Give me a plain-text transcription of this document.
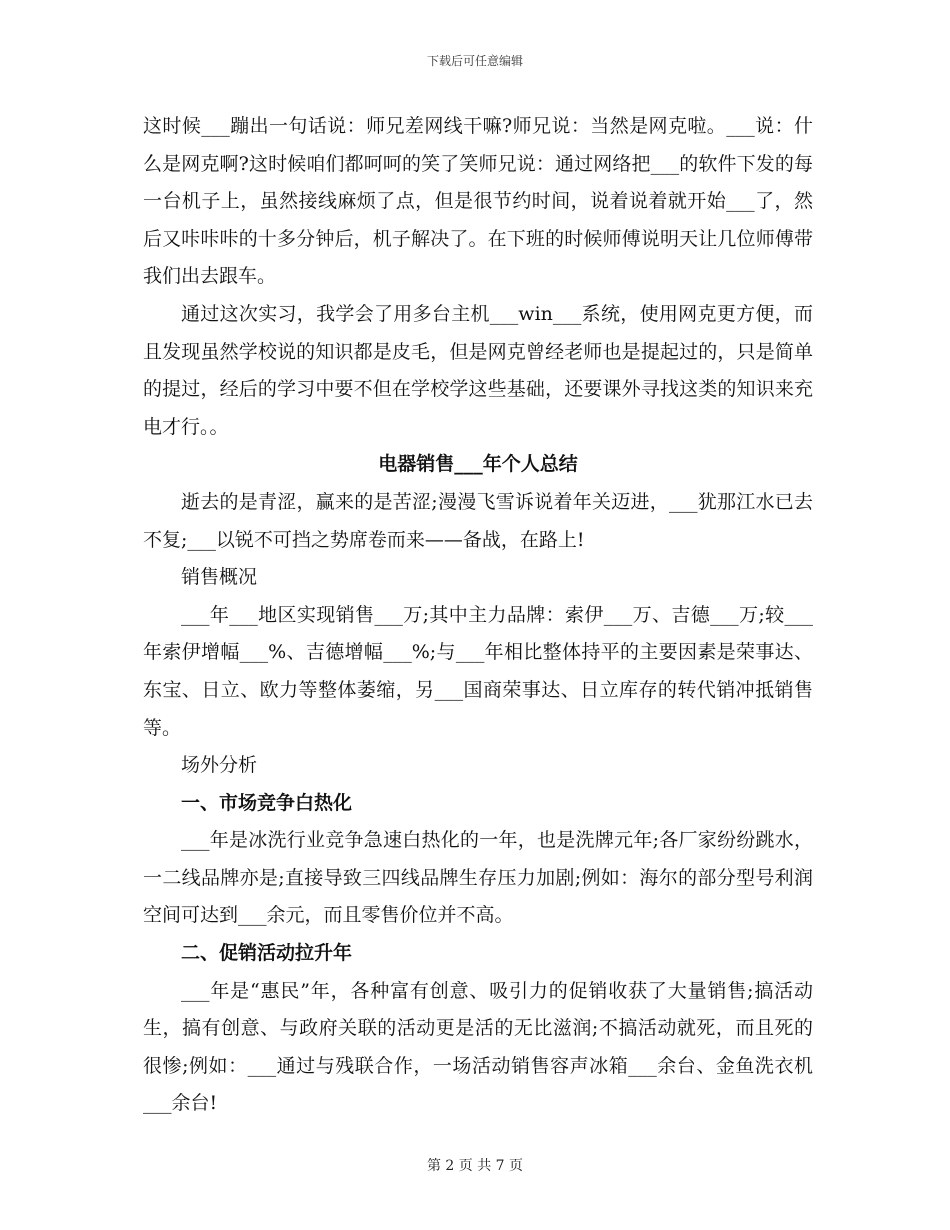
下载后可任意编辑

这时候___蹦出一句话说：师兄差网线干嘛?师兄说：当然是网克啦。___说：什么是网克啊?这时候咱们都呵呵的笑了笑师兄说：通过网络把___的软件下发的每一台机子上，虽然接线麻烦了点，但是很节约时间，说着说着就开始___了，然后又咔咔咔的十多分钟后，机子解决了。在下班的时候师傅说明天让几位师傅带我们出去跟车。

通过这次实习，我学会了用多台主机___win___系统，使用网克更方便，而且发现虽然学校说的知识都是皮毛，但是网克曾经老师也是提起过的，只是简单的提过，经后的学习中要不但在学校学这些基础，还要课外寻找这类的知识来充电才行。。

电器销售___年个人总结

逝去的是青涩，赢来的是苦涩;漫漫飞雪诉说着年关迈进，___犹那江水已去不复;___以锐不可挡之势席卷而来——备战，在路上!

销售概况

___年___地区实现销售___万;其中主力品牌：索伊___万、吉德___万;较___年索伊增幅___%、吉德增幅___%;与___年相比整体持平的主要因素是荣事达、东宝、日立、欧力等整体萎缩，另___国商荣事达、日立库存的转代销冲抵销售等。

场外分析

一、市场竞争白热化

___年是冰洗行业竞争急速白热化的一年，也是洗牌元年;各厂家纷纷跳水，一二线品牌亦是;直接导致三四线品牌生存压力加剧;例如：海尔的部分型号利润空间可达到___余元，而且零售价位并不高。

二、促销活动拉升年

___年是“惠民”年，各种富有创意、吸引力的促销收获了大量销售;搞活动生，搞有创意、与政府关联的活动更是活的无比滋润;不搞活动就死，而且死的很惨;例如：___通过与残联合作，一场活动销售容声冰箱___余台、金鱼洗衣机___余台!

第 2 页 共 7 页
